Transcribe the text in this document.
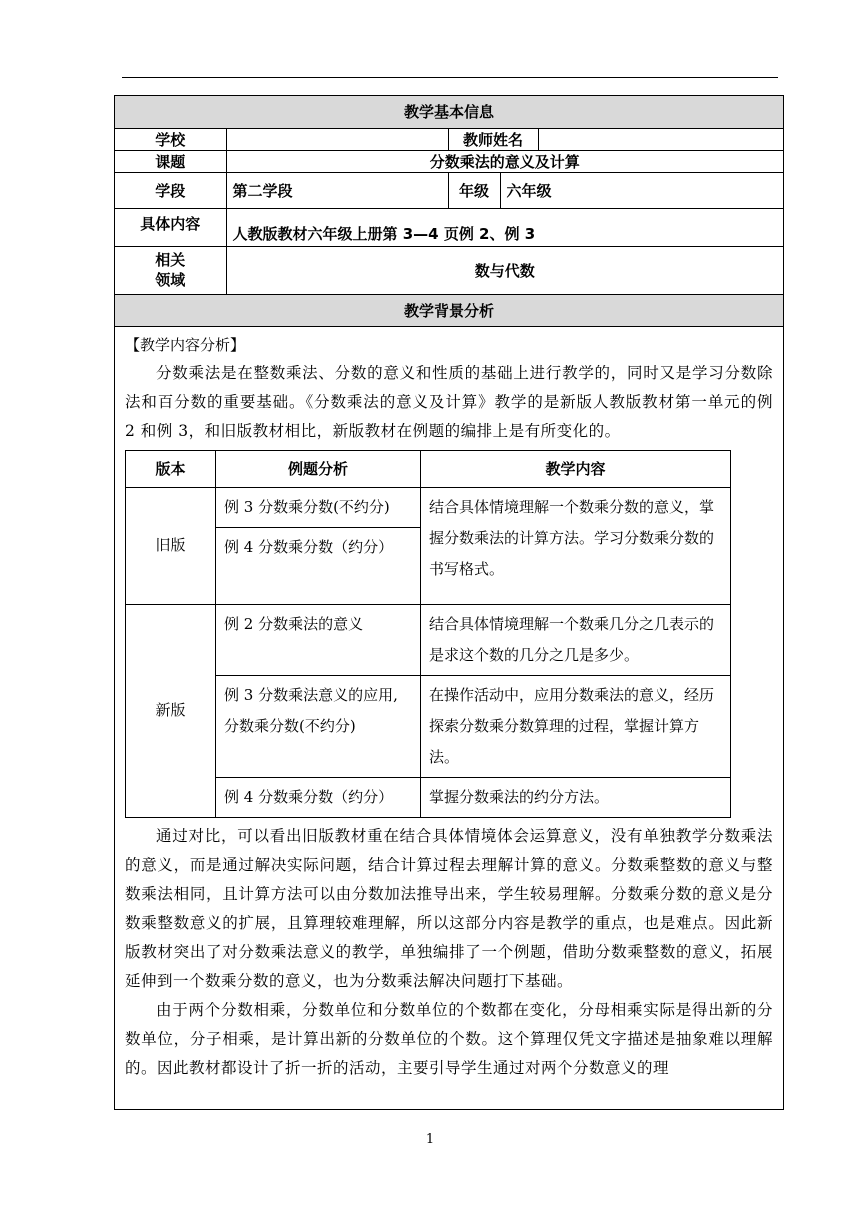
教学基本信息				
学校		教师姓名		
课题	分数乘法的意义及计算			
学段	第二学段	年级	六年级	
具体内容	人教版教材六年级上册第 3—4 页例 2、例 3			
相关
领域	数与代数			
教学背景分析				
【教学内容分析】

分数乘法是在整数乘法、分数的意义和性质的基础上进行教学的，同时又是学习分数除法和百分数的重要基础。《分数乘法的意义及计算》教学的是新版人教版教材第一单元的例 2 和例 3，和旧版教材相比，新版教材在例题的编排上是有所变化的。

版本	例题分析	教学内容
旧版	例 3 分数乘分数(不约分)	结合具体情境理解一个数乘分数的意义，掌握分数乘法的计算方法。学习分数乘分数的书写格式。
	例 4 分数乘分数（约分）	
新版	例 2 分数乘法的意义	结合具体情境理解一个数乘几分之几表示的是求这个数的几分之几是多少。
	例 3 分数乘法意义的应用,分数乘分数(不约分)	在操作活动中，应用分数乘法的意义，经历探索分数乘分数算理的过程，掌握计算方法。
	例 4 分数乘分数（约分）	掌握分数乘法的约分方法。

通过对比，可以看出旧版教材重在结合具体情境体会运算意义，没有单独教学分数乘法的意义，而是通过解决实际问题，结合计算过程去理解计算的意义。分数乘整数的意义与整数乘法相同，且计算方法可以由分数加法推导出来，学生较易理解。分数乘分数的意义是分数乘整数意义的扩展，且算理较难理解，所以这部分内容是教学的重点，也是难点。因此新版教材突出了对分数乘法意义的教学，单独编排了一个例题，借助分数乘整数的意义，拓展延伸到一个数乘分数的意义，也为分数乘法解决问题打下基础。

由于两个分数相乘，分数单位和分数单位的个数都在变化，分母相乘实际是得出新的分数单位，分子相乘，是计算出新的分数单位的个数。这个算理仅凭文字描述是抽象难以理解的。因此教材都设计了折一折的活动，主要引导学生通过对两个分数意义的理

1
